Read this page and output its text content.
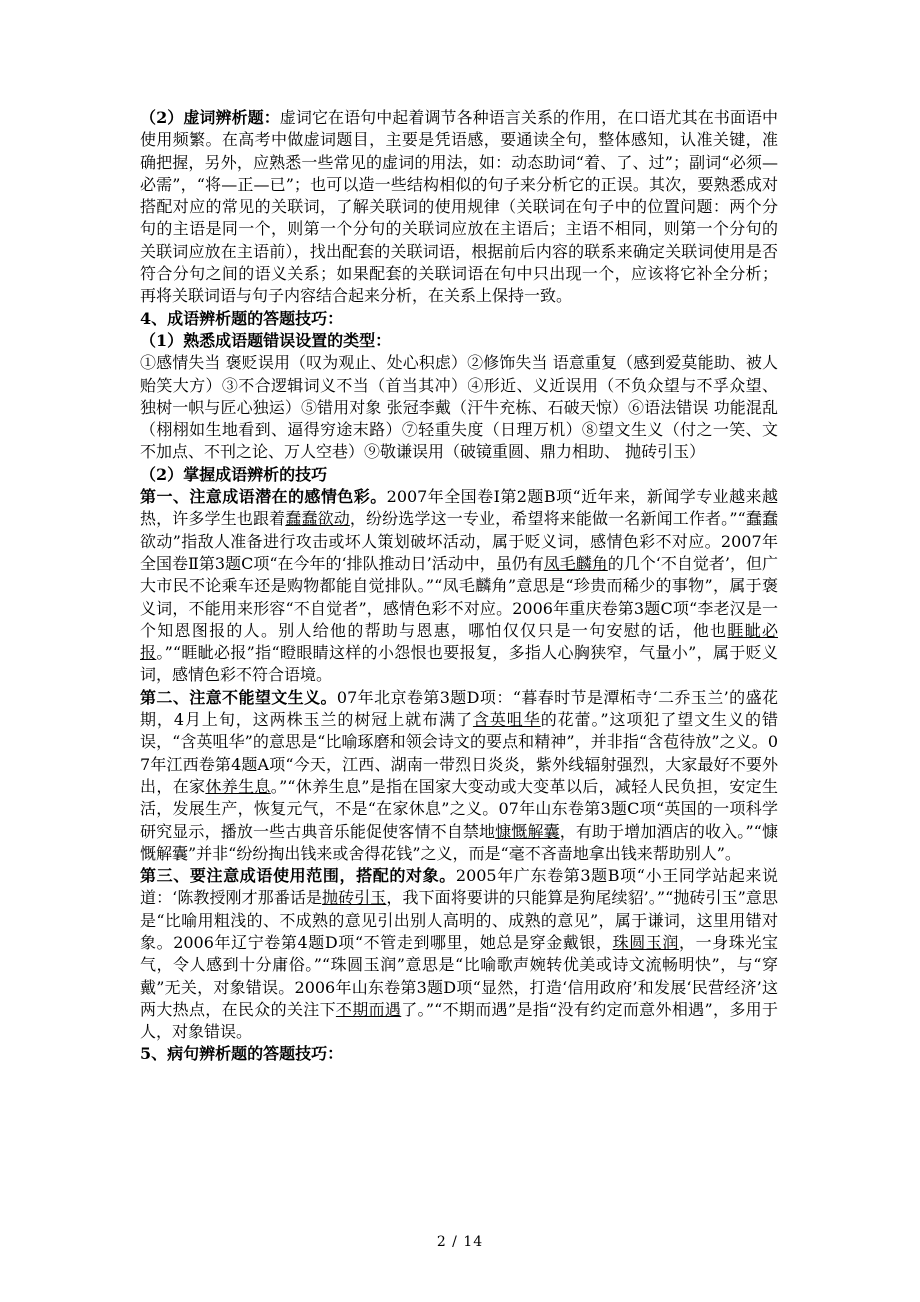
（2）虚词辨析题：虚词它在语句中起着调节各种语言关系的作用，在口语尤其在书面语中使用频繁。在高考中做虚词题目，主要是凭语感，要通读全句，整体感知，认准关键，准确把握，另外，应熟悉一些常见的虚词的用法，如：动态助词“着、了、过”；副词“必须—必需”，“将—正—已”；也可以造一些结构相似的句子来分析它的正误。其次，要熟悉成对搭配对应的常见的关联词，了解关联词的使用规律（关联词在句子中的位置问题：两个分句的主语是同一个，则第一个分句的关联词应放在主语后；主语不相同，则第一个分句的关联词应放在主语前），找出配套的关联词语，根据前后内容的联系来确定关联词使用是否符合分句之间的语义关系；如果配套的关联词语在句中只出现一个，应该将它补全分析；再将关联词语与句子内容结合起来分析，在关系上保持一致。

4、成语辨析题的答题技巧：

（1）熟悉成语题错误设置的类型：

①感情失当 褒贬误用（叹为观止、处心积虑）②修饰失当 语意重复（感到爱莫能助、被人贻笑大方）③不合逻辑词义不当（首当其冲）④形近、义近误用（不负众望与不孚众望、独树一帜与匠心独运）⑤错用对象 张冠李戴（汗牛充栋、石破天惊）⑥语法错误 功能混乱（栩栩如生地看到、逼得穷途末路）⑦轻重失度（日理万机）⑧望文生义（付之一笑、文不加点、不刊之论、万人空巷）⑨敬谦误用（破镜重圆、鼎力相助、 抛砖引玉）

（2）掌握成语辨析的技巧

第一、注意成语潜在的感情色彩。2007年全国卷Ⅰ第2题B项“近年来，新闻学专业越来越热，许多学生也跟着蠢蠢欲动，纷纷选学这一专业，希望将来能做一名新闻工作者。”“蠢蠢欲动”指敌人准备进行攻击或坏人策划破坏活动，属于贬义词，感情色彩不对应。2007年全国卷Ⅱ第3题C项“在今年的‘排队推动日’活动中，虽仍有凤毛麟角的几个‘不自觉者’，但广大市民不论乘车还是购物都能自觉排队。”“凤毛麟角”意思是“珍贵而稀少的事物”，属于褒义词，不能用来形容“不自觉者”，感情色彩不对应。2006年重庆卷第3题C项“李老汉是一个知恩图报的人。别人给他的帮助与恩惠，哪怕仅仅只是一句安慰的话，他也睚眦必报。”“睚眦必报”指“瞪眼睛这样的小怨恨也要报复，多指人心胸狭窄，气量小”，属于贬义词，感情色彩不符合语境。

第二、注意不能望文生义。07年北京卷第3题D项：“暮春时节是潭柘寺‘二乔玉兰’的盛花期，4月上旬，这两株玉兰的树冠上就布满了含英咀华的花蕾。”这项犯了望文生义的错误，“含英咀华”的意思是“比喻琢磨和领会诗文的要点和精神”，并非指“含苞待放”之义。07年江西卷第4题A项“今天，江西、湖南一带烈日炎炎，紫外线辐射强烈，大家最好不要外出，在家休养生息。”“休养生息”是指在国家大变动或大变革以后，减轻人民负担，安定生活，发展生产，恢复元气，不是“在家休息”之义。07年山东卷第3题C项“英国的一项科学研究显示，播放一些古典音乐能促使客情不自禁地慷慨解囊，有助于增加酒店的收入。”“慷慨解囊”并非“纷纷掏出钱来或舍得花钱”之义，而是“毫不吝啬地拿出钱来帮助别人”。

第三、要注意成语使用范围，搭配的对象。2005年广东卷第3题B项“小王同学站起来说道：‘陈教授刚才那番话是抛砖引玉，我下面将要讲的只能算是狗尾续貂’。”“抛砖引玉”意思是“比喻用粗浅的、不成熟的意见引出别人高明的、成熟的意见”，属于谦词，这里用错对象。2006年辽宁卷第4题D项“不管走到哪里，她总是穿金戴银，珠圆玉润，一身珠光宝气，令人感到十分庸俗。”“珠圆玉润”意思是“比喻歌声婉转优美或诗文流畅明快”，与“穿戴”无关，对象错误。2006年山东卷第3题D项“显然，打造‘信用政府’和发展‘民营经济’这两大热点，在民众的关注下不期而遇了。”“不期而遇”是指“没有约定而意外相遇”，多用于人，对象错误。

5、病句辨析题的答题技巧：

2 / 14
